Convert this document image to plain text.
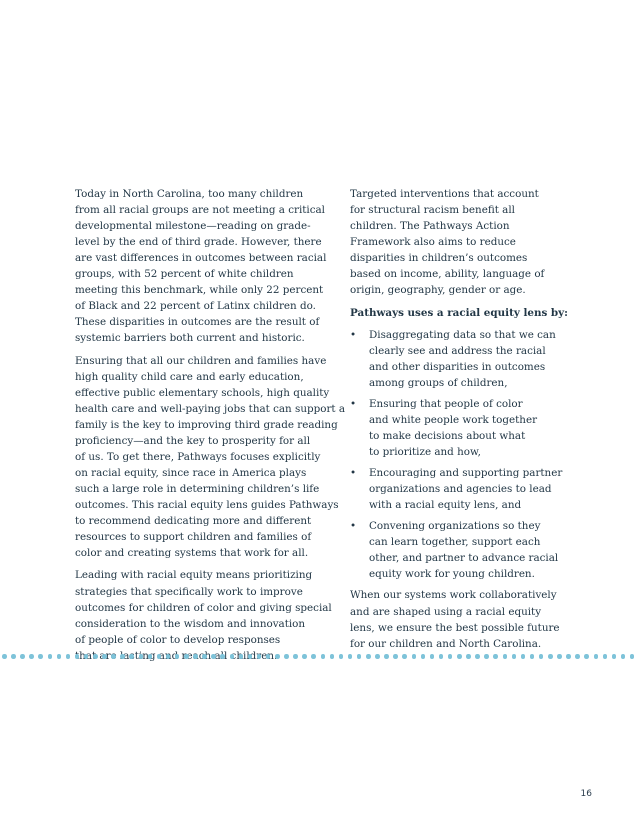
Today in North Carolina, too many children
from all racial groups are not meeting a critical
developmental milestone—reading on grade-
level by the end of third grade. However, there
are vast differences in outcomes between racial
groups, with 52 percent of white children
meeting this benchmark, while only 22 percent
of Black and 22 percent of Latinx children do.
These disparities in outcomes are the result of
systemic barriers both current and historic.

Ensuring that all our children and families have
high quality child care and early education,
effective public elementary schools, high quality
health care and well-paying jobs that can support a
family is the key to improving third grade reading
proficiency—and the key to prosperity for all
of us. To get there, Pathways focuses explicitly
on racial equity, since race in America plays
such a large role in determining children’s life
outcomes. This racial equity lens guides Pathways
to recommend dedicating more and different
resources to support children and families of
color and creating systems that work for all.

Leading with racial equity means prioritizing
strategies that specifically work to improve
outcomes for children of color and giving special
consideration to the wisdom and innovation
of people of color to develop responses
are lasting children.

Targeted interventions that account
for structural racism benefit all
children. The Pathways Action
Framework also aims to reduce
disparities in children’s outcomes
based on income, ability, language of
origin, geography, gender or age.

Pathways uses a racial equity lens by:

• Disaggregating data so that we can
clearly see and address the racial
and other disparities in outcomes
among groups of children,
• Ensuring that people of color
and white people work together
to make decisions about what
to prioritize and how,
• Encouraging and supporting partner
organizations and agencies to lead
with a racial equity lens, and
• Convening organizations so they
can learn together, support each
other, and partner to advance racial
equity work for young children.

When our systems work collaboratively
and are shaped using a racial equity
lens, we ensure the best possible future
for our children and North Carolina.

16
